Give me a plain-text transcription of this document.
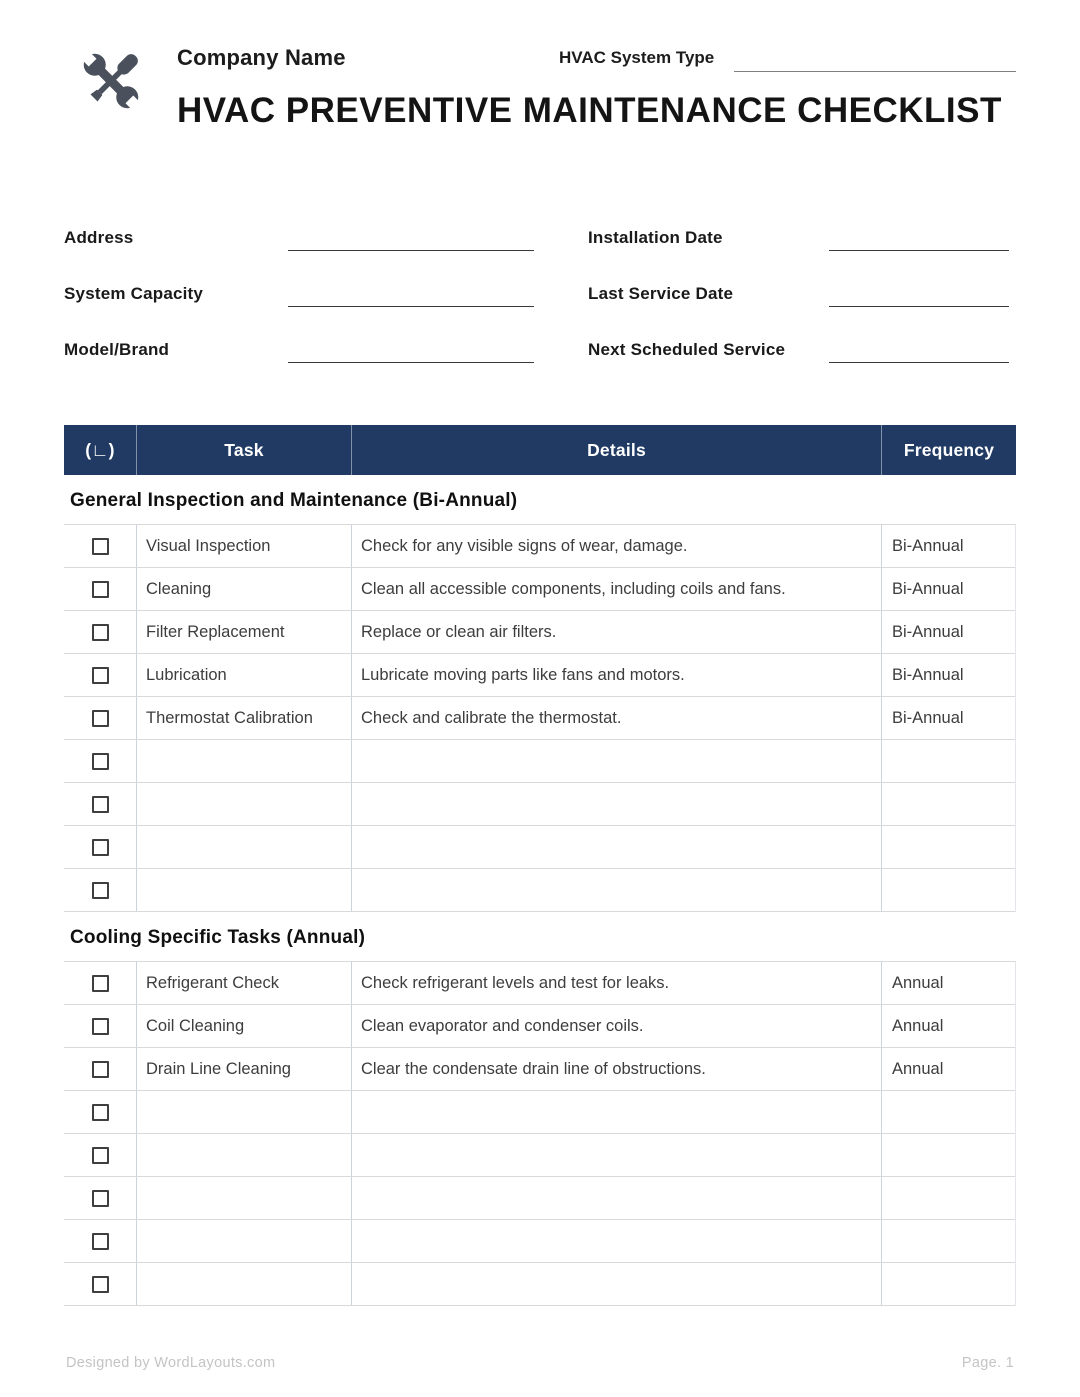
Company Name	HVAC System Type
HVAC PREVENTIVE MAINTENANCE CHECKLIST
Address	Installation Date
System Capacity	Last Service Date
Model/Brand	Next Scheduled Service
(∟)	Task	Details	Frequency
General Inspection and Maintenance (Bi-Annual)
Visual Inspection	Check for any visible signs of wear, damage.	Bi-Annual
Cleaning	Clean all accessible components, including coils and fans.	Bi-Annual
Filter Replacement	Replace or clean air filters.	Bi-Annual
Lubrication	Lubricate moving parts like fans and motors.	Bi-Annual
Thermostat Calibration	Check and calibrate the thermostat.	Bi-Annual
Cooling Specific Tasks (Annual)
Refrigerant Check	Check refrigerant levels and test for leaks.	Annual
Coil Cleaning	Clean evaporator and condenser coils.	Annual
Drain Line Cleaning	Clear the condensate drain line of obstructions.	Annual
Designed by WordLayouts.com	Page. 1
